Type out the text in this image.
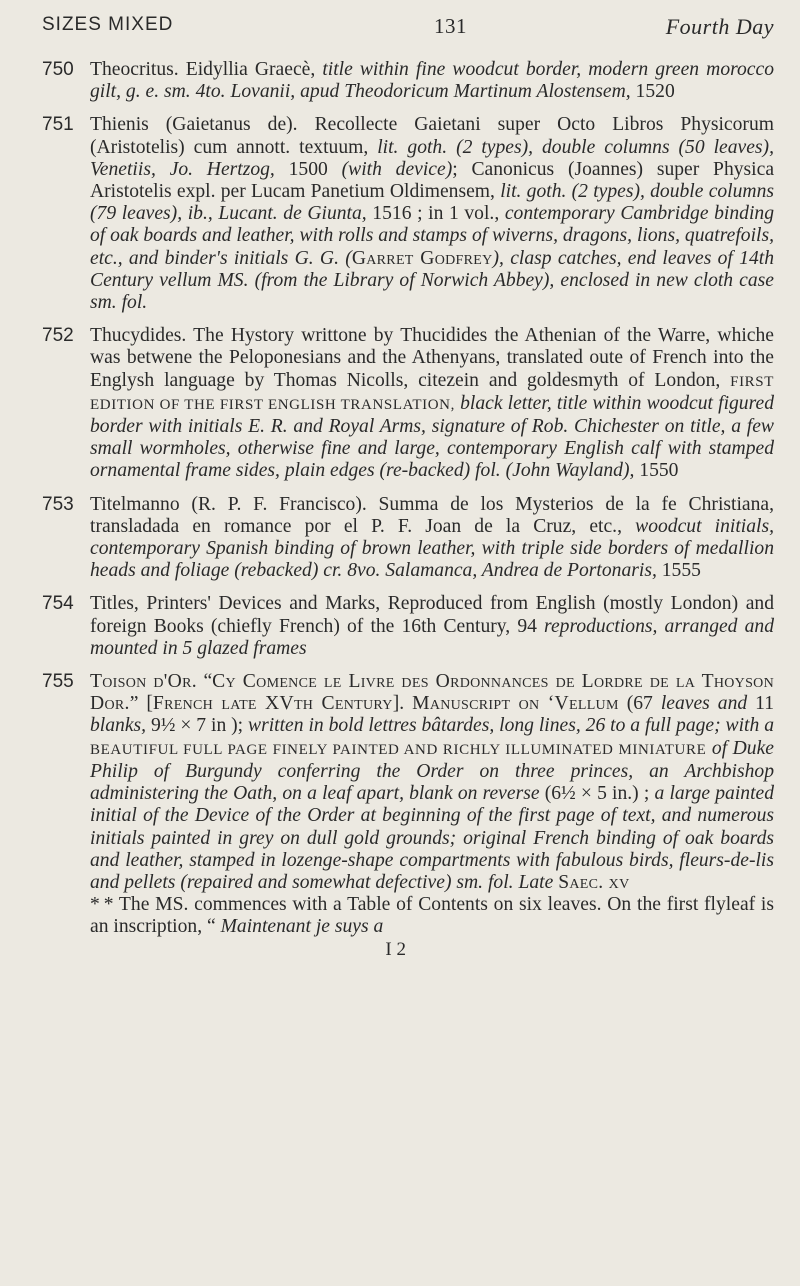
SIZES MIXED	131	Fourth Day
750 Theocritus. Eidyllia Graecè, title within fine woodcut border, modern green morocco gilt, g. e. sm. 4to. Lovanii, apud Theodoricum Martinum Alostensem, 1520
751 Thienis (Gaietanus de). Recollecte Gaietani super Octo Libros Physicorum (Aristotelis) cum annott. textuum, lit. goth. (2 types), double columns (50 leaves), Venetiis, Jo. Hertzog, 1500 (with device); Canonicus (Joannes) super Physica Aristotelis expl. per Lucam Panetium Oldimensem, lit. goth. (2 types), double columns (79 leaves), ib., Lucant. de Giunta, 1516 ; in 1 vol., contemporary Cambridge binding of oak boards and leather, with rolls and stamps of wiverns, dragons, lions, quatrefoils, etc., and binder's initials G. G. (Garret Godfrey), clasp catches, end leaves of 14th Century vellum MS. (from the Library of Norwich Abbey), enclosed in new cloth case sm. fol.
752 Thucydides. The Hystory writtone by Thucidides the Athenian of the Warre, whiche was betwene the Peloponesians and the Athenyans, translated oute of French into the Englysh language by Thomas Nicolls, citezein and goldesmyth of London, FIRST EDITION OF THE FIRST ENGLISH TRANSLATION, black letter, title within woodcut figured border with initials E. R. and Royal Arms, signature of Rob. Chichester on title, a few small wormholes, otherwise fine and large, contemporary English calf with stamped ornamental frame sides, plain edges (re-backed) fol. (John Wayland), 1550
753 Titelmanno (R. P. F. Francisco). Summa de los Mysterios de la fe Christiana, transladada en romance por el P. F. Joan de la Cruz, etc., woodcut initials, contemporary Spanish binding of brown leather, with triple side borders of medallion heads and foliage (rebacked) cr. 8vo. Salamanca, Andrea de Portonaris, 1555
754 Titles, Printers' Devices and Marks, Reproduced from English (mostly London) and foreign Books (chiefly French) of the 16th Century, 94 reproductions, arranged and mounted in 5 glazed frames
755 Toison d'Or. “Cy Comence le Livre des Ordonnances de Lordre de la Thoyson Dor.” [French late XVth Century]. Manuscript on ‘Vellum (67 leaves and 11 blanks, 9½ × 7 in ); written in bold lettres bâtardes, long lines, 26 to a full page; with a BEAUTIFUL FULL PAGE FINELY PAINTED AND RICHLY ILLUMINATED MINIATURE of Duke Philip of Burgundy conferring the Order on three princes, an Archbishop administering the Oath, on a leaf apart, blank on reverse (6½ × 5 in.) ; a large painted initial of the Device of the Order at beginning of the first page of text, and numerous initials painted in grey on dull gold grounds; original French binding of oak boards and leather, stamped in lozenge-shape compartments with fabulous birds, fleurs-de-lis and pellets (repaired and somewhat defective) sm. fol. Late Saec. xv
* * The MS. commences with a Table of Contents on six leaves. On the first flyleaf is an inscription, “ Maintenant je suys a
I 2
